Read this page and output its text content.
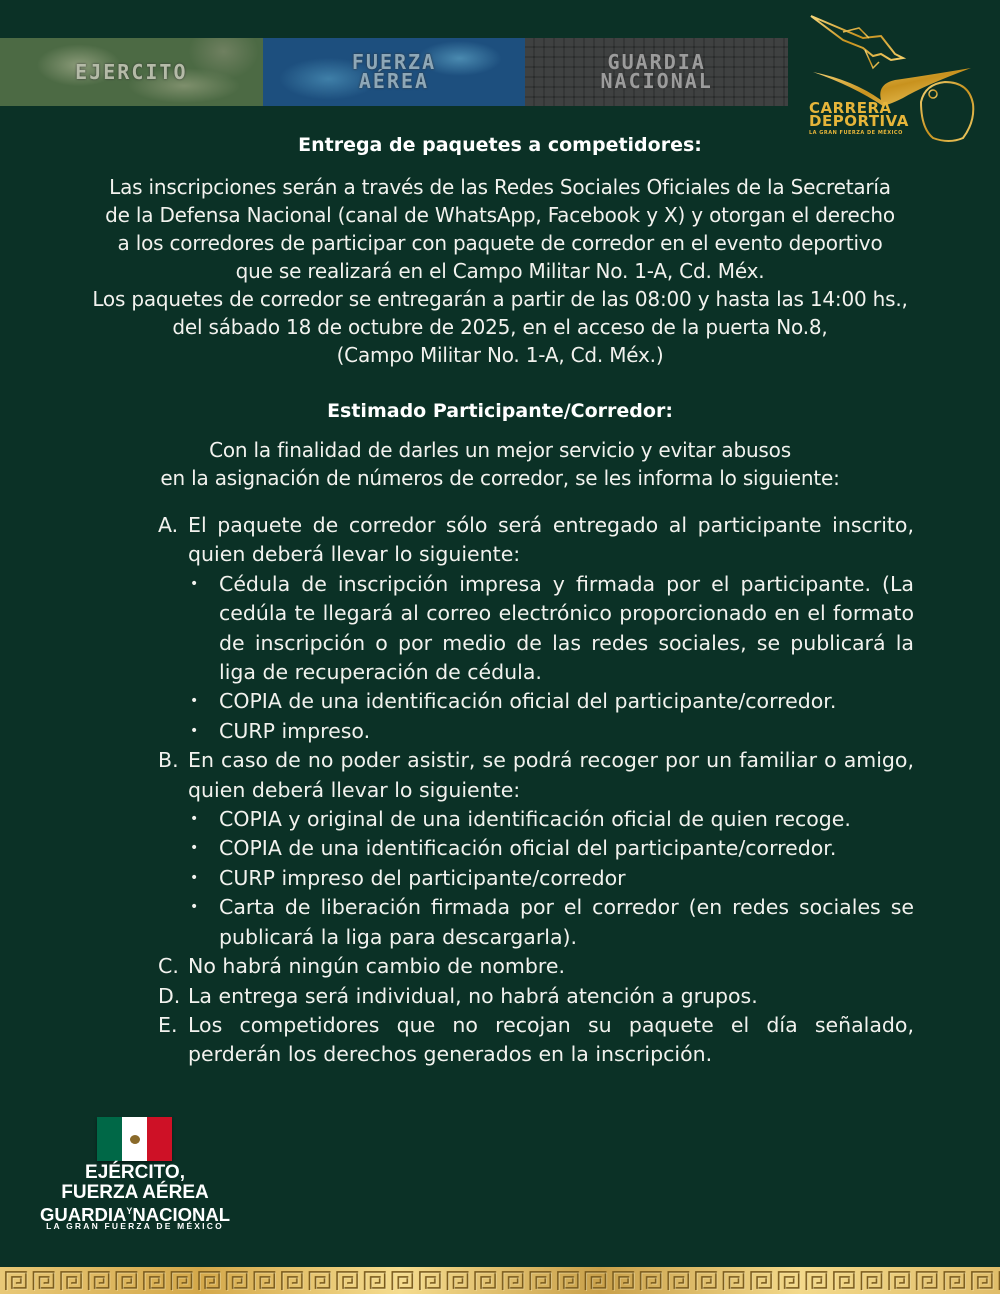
EJERCITO	FUERZA
AÉREA
GUARDIA
NACIONAL
CARRERA
DEPORTIVA
LA GRAN FUERZA DE MÉXICO
Entrega de paquetes a competidores:
Las inscripciones serán a través de las Redes Sociales Oficiales de la Secretaría
de la Defensa Nacional (canal de WhatsApp, Facebook y X) y otorgan el derecho
a los corredores de participar con paquete de corredor en el evento deportivo
que se realizará en el Campo Militar No. 1-A, Cd. Méx.
Los paquetes de corredor se entregarán a partir de las 08:00 y hasta las 14:00 hs.,
del sábado 18 de octubre de 2025, en el acceso de la puerta No.8,
(Campo Militar No. 1-A, Cd. Méx.)
Estimado Participante/Corredor:
Con la finalidad de darles un mejor servicio y evitar abusos
en la asignación de números de corredor, se les informa lo siguiente:
A. El paquete de corredor sólo será entregado al participante inscrito, quien deberá llevar lo siguiente:
•	Cédula de inscripción impresa y firmada por el participante. (La cedúla te llegará al correo electrónico proporcionado en el formato de inscripción o por medio de las redes sociales, se publicará la liga de recuperación de cédula.
•	COPIA de una identificación oficial del participante/corredor.
•	CURP impreso.
B. En caso de no poder asistir, se podrá recoger por un familiar o amigo, quien deberá llevar lo siguiente:
•	COPIA y original de una identificación oficial de quien recoge.
•	COPIA de una identificación oficial del participante/corredor.
•	CURP impreso del participante/corredor
•	Carta de liberación firmada por el corredor (en redes sociales se publicará la liga para descargarla).
C. No habrá ningún cambio de nombre.
D. La entrega será individual, no habrá atención a grupos.
E. Los competidores que no recojan su paquete el día señalado, perderán los derechos generados en la inscripción.
EJÉRCITO,
FUERZA AÉREA
$GUARDIA^YNACIONAL$
LA GRAN FUERZA DE MÉXICO
